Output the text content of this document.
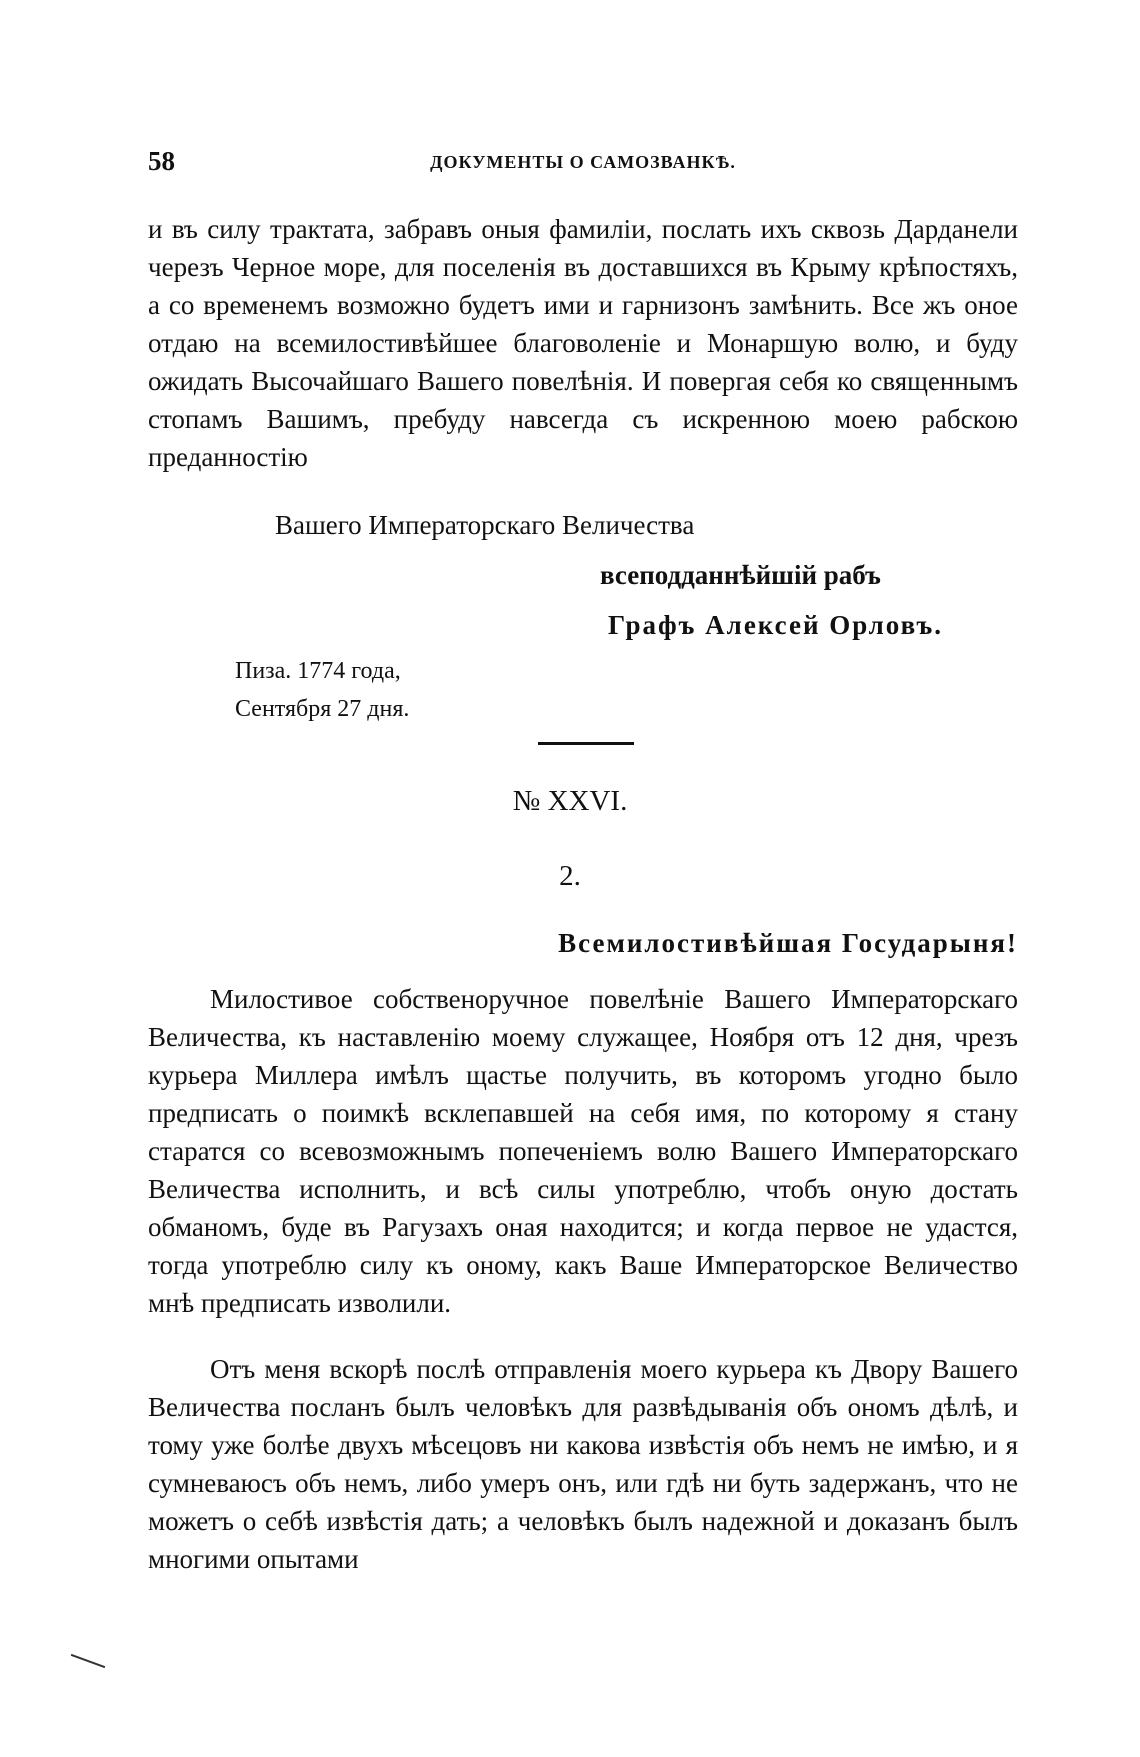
58	ДОКУМЕНТЫ О САМОЗВАНКѢ.
и въ силу трактата, забравъ оныя фамиліи, послать ихъ сквозь Дарданели черезъ Черное море, для поселенія въ доставшихся въ Крыму крѣпостяхъ, а со временемъ возможно будетъ ими и гарнизонъ замѣнить. Все жъ оное отдаю на всемилостивѣйшее благоволеніе и Монаршую волю, и буду ожидать Высочайшаго Вашего повелѣнія. И повергая себя ко священнымъ стопамъ Вашимъ, пребуду навсегда съ искренною моею рабскою преданностію
Вашего Императорскаго Величества
всеподданнѣйшій рабъ
Графъ Алексей Орловъ.
Пиза. 1774 года,
Сентября 27 дня.
№ XXVI.
2.
Всемилостивѣйшая Государыня!
Милостивое собственоручное повелѣніе Вашего Императорскаго Величества, къ наставленію моему служащее, Ноября отъ 12 дня, чрезъ курьера Миллера имѣлъ щастье получить, въ которомъ угодно было предписать о поимкѣ всклепавшей на себя имя, по которому я стану старатся со всевозможнымъ попеченіемъ волю Вашего Императорскаго Величества исполнить, и всѣ силы употреблю, чтобъ оную достать обманомъ, буде въ Рагузахъ оная находится; и когда первое не удастся, тогда употреблю силу къ оному, какъ Ваше Императорское Величество мнѣ предписать изволили.
Отъ меня вскорѣ послѣ отправленія моего курьера къ Двору Вашего Величества посланъ былъ человѣкъ для развѣдыванія объ ономъ дѣлѣ, и тому уже болѣе двухъ мѣсецовъ ни какова извѣстія объ немъ не имѣю, и я сумневаюсъ объ немъ, либо умеръ онъ, или гдѣ ни буть задержанъ, что не можетъ о себѣ извѣстія дать; а человѣкъ былъ надежной и доказанъ былъ многими опытами
